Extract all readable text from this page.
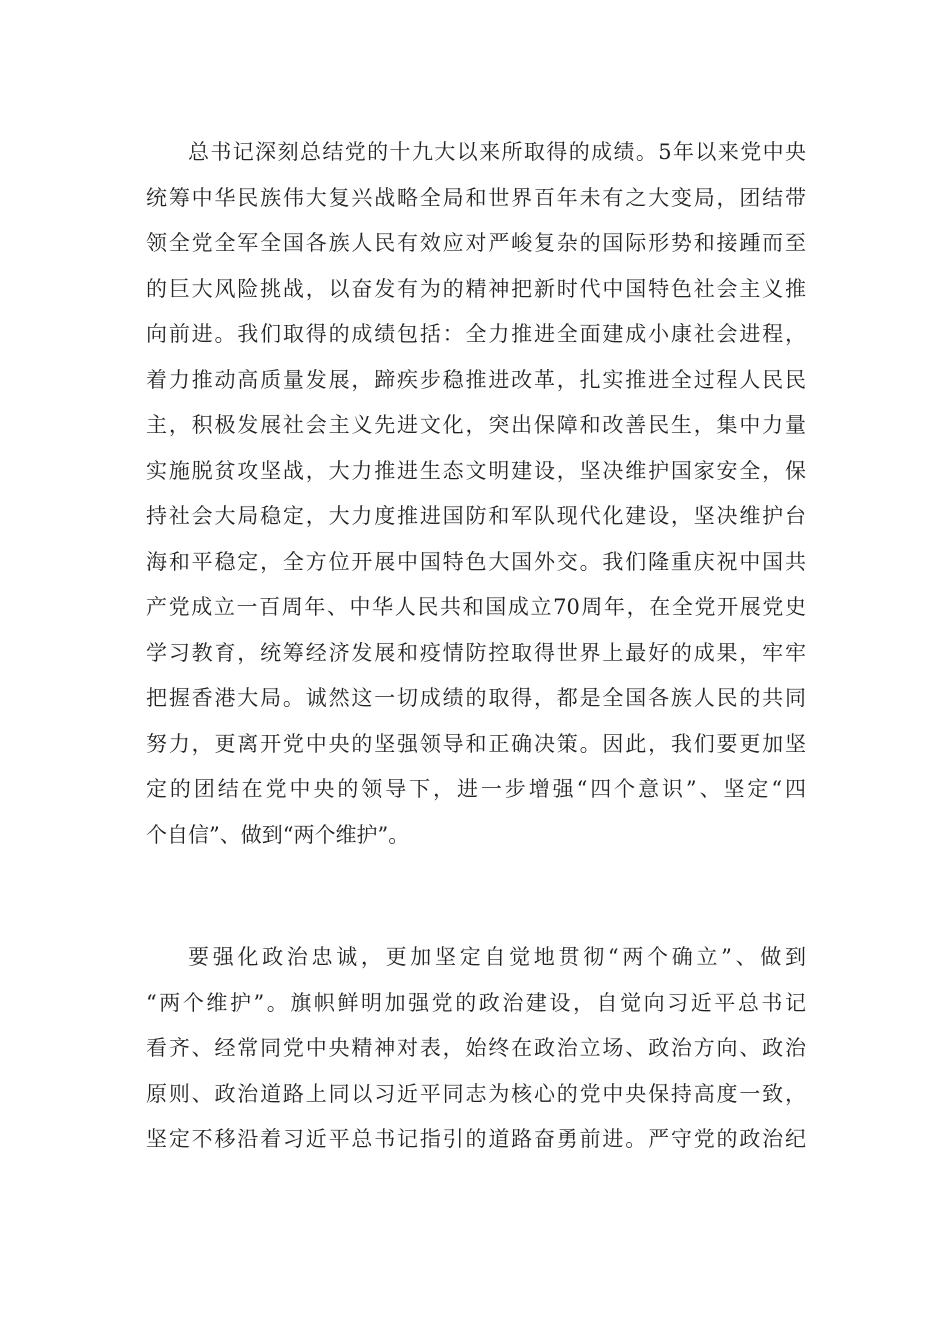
总书记深刻总结党的十九大以来所取得的成绩。5年以来党中央
统筹中华民族伟大复兴战略全局和世界百年未有之大变局，团结带
领全党全军全国各族人民有效应对严峻复杂的国际形势和接踵而至
的巨大风险挑战，以奋发有为的精神把新时代中国特色社会主义推
向前进。我们取得的成绩包括：全力推进全面建成小康社会进程，
着力推动高质量发展，蹄疾步稳推进改革，扎实推进全过程人民民
主，积极发展社会主义先进文化，突出保障和改善民生，集中力量
实施脱贫攻坚战，大力推进生态文明建设，坚决维护国家安全，保
持社会大局稳定，大力度推进国防和军队现代化建设，坚决维护台
海和平稳定，全方位开展中国特色大国外交。我们隆重庆祝中国共
产党成立一百周年、中华人民共和国成立70周年，在全党开展党史
学习教育，统筹经济发展和疫情防控取得世界上最好的成果，牢牢
把握香港大局。诚然这一切成绩的取得，都是全国各族人民的共同
努力，更离开党中央的坚强领导和正确决策。因此，我们要更加坚
定的团结在党中央的领导下，进一步增强“四个意识”、坚定“四
个自信”、做到“两个维护”。
要强化政治忠诚，更加坚定自觉地贯彻“两个确立”、做到
“两个维护”。旗帜鲜明加强党的政治建设，自觉向习近平总书记
看齐、经常同党中央精神对表，始终在政治立场、政治方向、政治
原则、政治道路上同以习近平同志为核心的党中央保持高度一致，
坚定不移沿着习近平总书记指引的道路奋勇前进。严守党的政治纪
